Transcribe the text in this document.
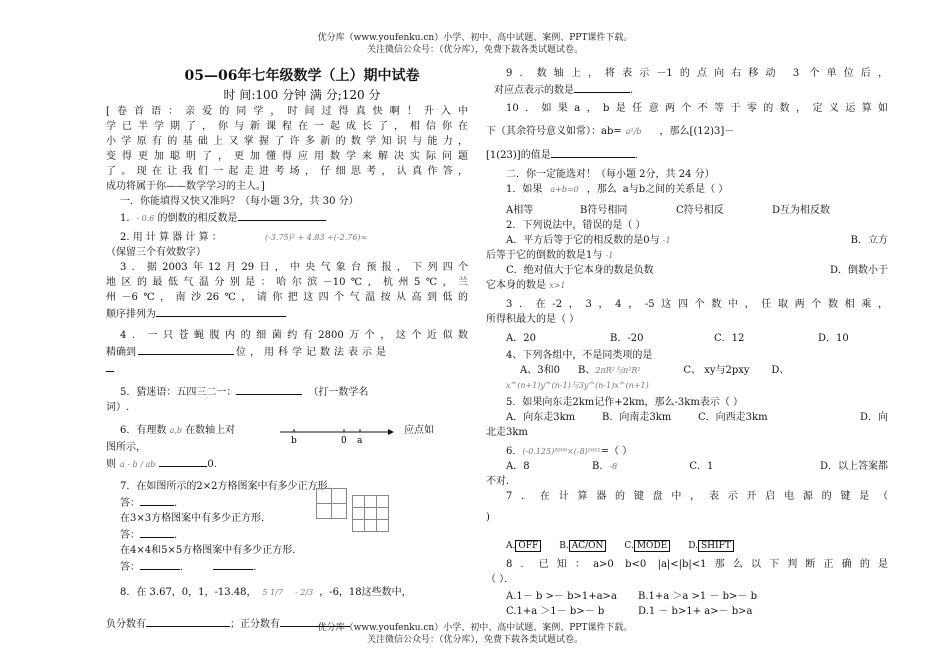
优分库（www.youfenku.cn）小学、初中、高中试题、案例、PPT课件下载。
关注微信公众号：（优分库），免费下载各类试题试卷。
05—06年七年级数学（上）期中试卷
时 间:100 分钟 满 分;120 分
[卷首语：亲爱的同学，时间过得真快啊！升入中
学已半学期了，你与新课程在一起成长了，相信你在
小学原有的基础上又掌握了许多新的数学知识与能力，
变得更加聪明了，更加懂得应用数学来解决实际问题
了。现在让我们一起走进考场，仔细思考，认真作答，
成功将属于你——数学学习的主人。]
一．你能填得又快又准吗？（每小题 3分，共 30 分）
1．- 0.6 的倒数的相反数是
2. 用 计 算 器 计 算 ：	(-3.75)² + 4.83 ÷(-2.76)≈
（保留三个有效数字）
3．据2003年12月29日，中央气象台预报，下列四个
地区的最低气温分别是：哈尔滨－10℃，杭州5℃，兰
州－6℃，南沙26℃，请你把这四个气温按从高到低的
顺序排列为
4．一只苍蝇腹内的细菌约有2800万个，这个近似数
精确到	位，用科学记数法表示是
5．猜迷语：五四三二一：	（打一数学名
词）.
6．有理数 a,b 在数轴上对	应点如
b	0 a
图所示，
则 a - b / ab	0.
7．在如图所示的2×2方格图案中有多少正方形．
答：	.
在3×3方格图案中有多少正方形．
答：	.
在4×4和5×5方格图案中有多少正方形．
答：	.	.
8．在 3.67，0，1，-13.48， 5 1/7 - 2/3 ，-6，18这些数中，
负分数有	；正分数有
9．数轴上，将表示－1的点向右移动 3 个单位后，
对应点表示的数是	.
10．如果a，b是任意两个不等于零的数，定义运算如
下（其余符号意义如常）：ab= a²/b ，那么[(12)3]－
[1(23)]的值是	.
二．你一定能选对！（每小题 2分，共 24 分）
1．如果 a+b=0 ，那么 a与b之间的关系是（ ）
A相等	B符号相同	C符号相反	D互为相反数
2．下列说法中，错误的是（ ）
A．平方后等于它的相反数的是0与 -1	B．立方
后等于它的倒数的数是1与 -1
C．绝对值大于它本身的数是负数	D．倒数小于
它本身的数是 x>1
3．在-2，3，4，-5这四个数中，任取两个数相乘，
所得积最大的是（ ）
A．20	B．-20	C．12	D．10
4、下列各组中，不是同类项的是
A、3和0 B、2πR²与π²R²	C、 xy与2pxy D、
x^(n+1)y^(n-1)与3y^(n-1)x^(n+1)
5．如果向东走2km记作+2km，那么-3km表示（ ）
A．向东走3km	B．向南走3km	C．向西走3km	D．向
北走3km
6．(-0.125)²⁰⁰⁰×(-8)²⁰⁰¹=（ ）
A．8	B．-8	C．1	D．以上答案都
不对．
7．在计算器的键盘中，表示开启电源的键是（
)
A. OFF B. AC/ON C. MODE D. SHIFT
8．已知：a>0 b<0 |a|<|b|<1那么以下判断正确的是
（ ）．
A.1－ b >－ b>1+a>a B.1+a ＞a >1 － b>－ b
C.1+a ＞1－ b>－ b	D.1 － b>1+ a>－ b>a
优分库（www.youfenku.cn）小学、初中、高中试题、案例、PPT课件下载。
关注微信公众号：（优分库），免费下载各类试题试卷。
